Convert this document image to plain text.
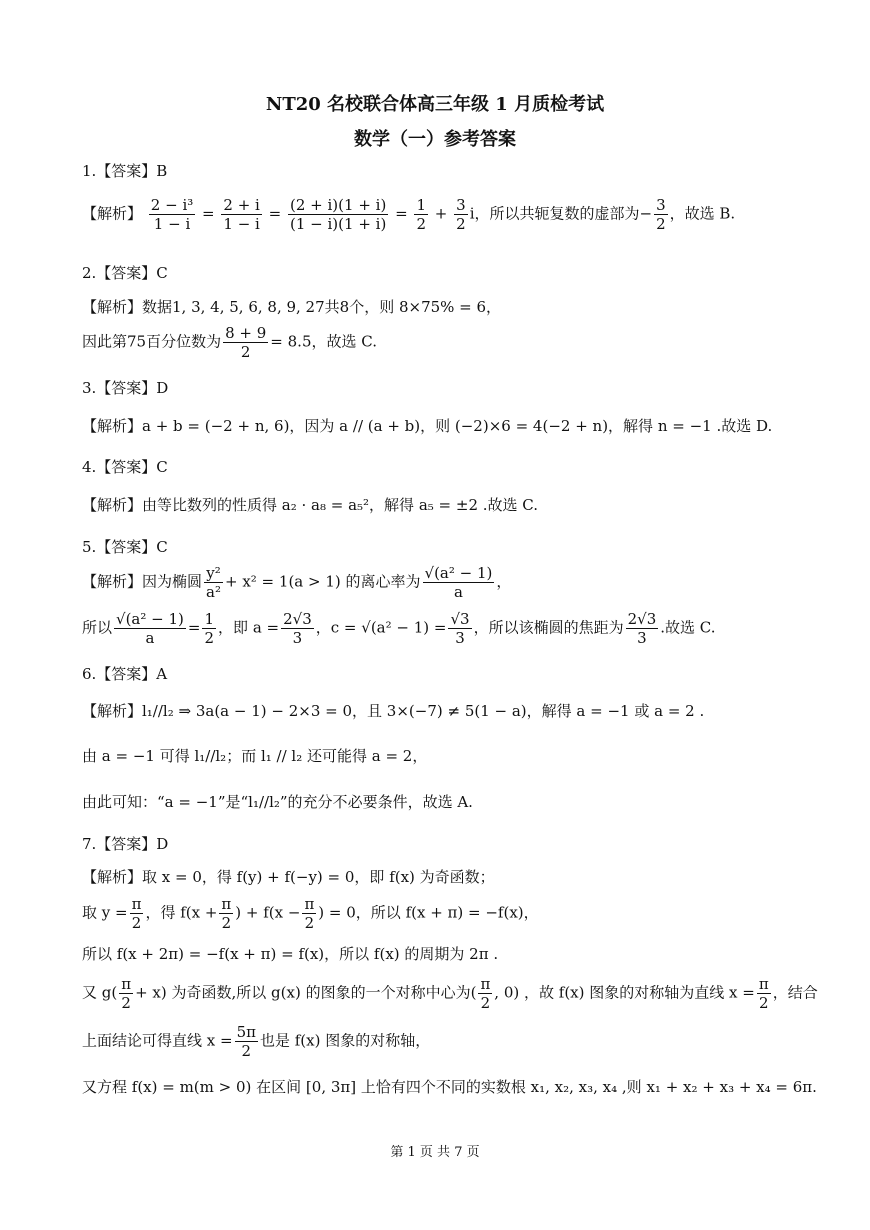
NT20 名校联合体高三年级 1 月质检考试
数学（一）参考答案
1.【答案】B
【解析】 $\frac{\text{2 − i³}}{1 - i} = \frac{2 + i}{1 - i} = \frac{(2 + i)(1 + i)}{(1 - i)(1 + i)} = \frac{1}{2} + \frac{3}{2}$ i，所以共轭复数的虚部为− $\frac{3}{2}$ ，故选 B.
2.【答案】C
【解析】数据1, 3, 4, 5, 6, 8, 9, 27共8个，则 8×75% = 6，
因此第75百分位数为 $\frac{8 + 9}{2} = 8.5$，故选 C.
3.【答案】D
【解析】a + b = (−2 + n, 6)，因为 a // (a + b)，则 (−2)×6 = 4(−2 + n)，解得 n = −1 .故选 D.
4.【答案】C
【解析】由等比数列的性质得 a₂ · a₈ = a₅²，解得 a₅ = ±2 .故选 C.
5.【答案】C
【解析】因为椭圆 $\frac{\text{y²}}{\text{a²}} + x^2 = 1(a > 1)$ 的离心率为 $\frac{\text{√(a² − 1)}}{a}$ ，
所以 $\frac{\text{√(a² − 1)}}{a} = \frac{1}{2}$ ，即 $a = \frac{2√3}{3}$ ，$c = √(a^2 - 1) = \frac{√3}{3}$ ，所以该椭圆的焦距为 $\frac{2√3}{3}$ .故选 C.
6.【答案】A
【解析】l₁//l₂ ⇒ 3a(a − 1) − 2×3 = 0，且 3×(−7) ≠ 5(1 − a)，解得 a = −1 或 a = 2 .
由 a = −1 可得 l₁//l₂；而 l₁ // l₂ 还可能得 a = 2，
由此可知：“a = −1”是“l₁//l₂”的充分不必要条件，故选 A.
7.【答案】D
【解析】取 x = 0，得 f(y) + f(−y) = 0，即 f(x) 为奇函数；
取 $y = \frac{\pi}{2}$ ，得 $f(x + \frac{\pi}{2}$ ) + $f(x - \frac{\pi}{2}$ ) = 0，所以 f(x + π) = −f(x)，
所以 f(x + 2π) = −f(x + π) = f(x)，所以 f(x) 的周期为 2π .
又 $g( \frac{\pi}{2} + x)$ 为奇函数,所以 g(x) 的图象的一个对称中心为( $\frac{\pi}{2}$ , 0) ，故 f(x) 图象的对称轴为直线 $x = \frac{\pi}{2}$ ，结合
上面结论可得直线 $x = \frac{5\pi}{2}$ 也是 f(x) 图象的对称轴，
又方程 f(x) = m(m > 0) 在区间 [0, 3π] 上恰有四个不同的实数根 x₁, x₂, x₃, x₄ ,则 x₁ + x₂ + x₃ + x₄ = 6π.
第 1 页 共 7 页
